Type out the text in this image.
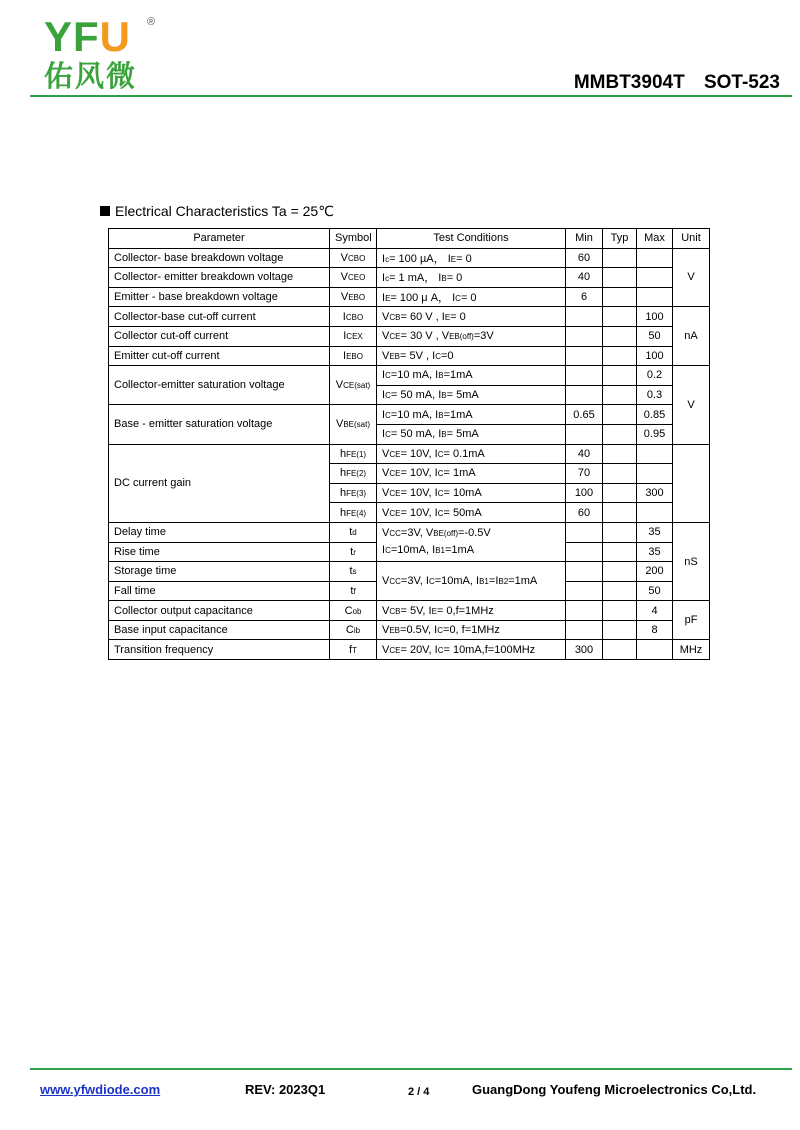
YFU ®
佑风微	MMBT3904T SOT-523
Electrical Characteristics Ta = 25℃
Parameter	Symbol	Test Conditions	Min	Typ	Max	Unit
Collector- base breakdown voltage	VCBO	Ic= 100 µA， IE= 0	60			V
Collector- emitter breakdown voltage	VCEO	Ic= 1 mA， IB= 0	40			
Emitter - base breakdown voltage	VEBO	IE= 100 μ A， IC= 0	6			
Collector-base cut-off current	ICBO	VCB= 60 V , IE= 0			100	nA
Collector cut-off current	ICEX	VCE= 30 V , VEB(off)=3V			50	
Emitter cut-off current	IEBO	VEB= 5V , IC=0			100	
Collector-emitter saturation voltage	VCE(sat)	IC=10 mA, IB=1mA			0.2	V
		IC= 50 mA, IB= 5mA			0.3	
Base - emitter saturation voltage	VBE(sat)	IC=10 mA, IB=1mA	0.65		0.85	
		IC= 50 mA, IB= 5mA			0.95	
DC current gain	hFE(1)	VCE= 10V, IC= 0.1mA	40			
	hFE(2)	VCE= 10V, IC= 1mA	70			
	hFE(3)	VCE= 10V, IC= 10mA	100		300	
	hFE(4)	VCE= 10V, IC= 50mA	60			
Delay time	td	VCC=3V, VBE(off)=-0.5V
IC=10mA, IB1=1mA			35	nS
Rise time	tr				35	
Storage time	ts	VCC=3V, IC=10mA, IB1=IB2=1mA			200	
Fall time	tf				50	
Collector output capacitance	Cob	VCB= 5V, IE= 0,f=1MHz			4	pF
Base input capacitance	Cib	VEB=0.5V, IC=0, f=1MHz			8	
Transition frequency	fT	VCE= 20V, IC= 10mA,f=100MHz	300			MHz
www.yfwdiode.com	REV: 2023Q1	2 / 4	GuangDong Youfeng Microelectronics Co,Ltd.
